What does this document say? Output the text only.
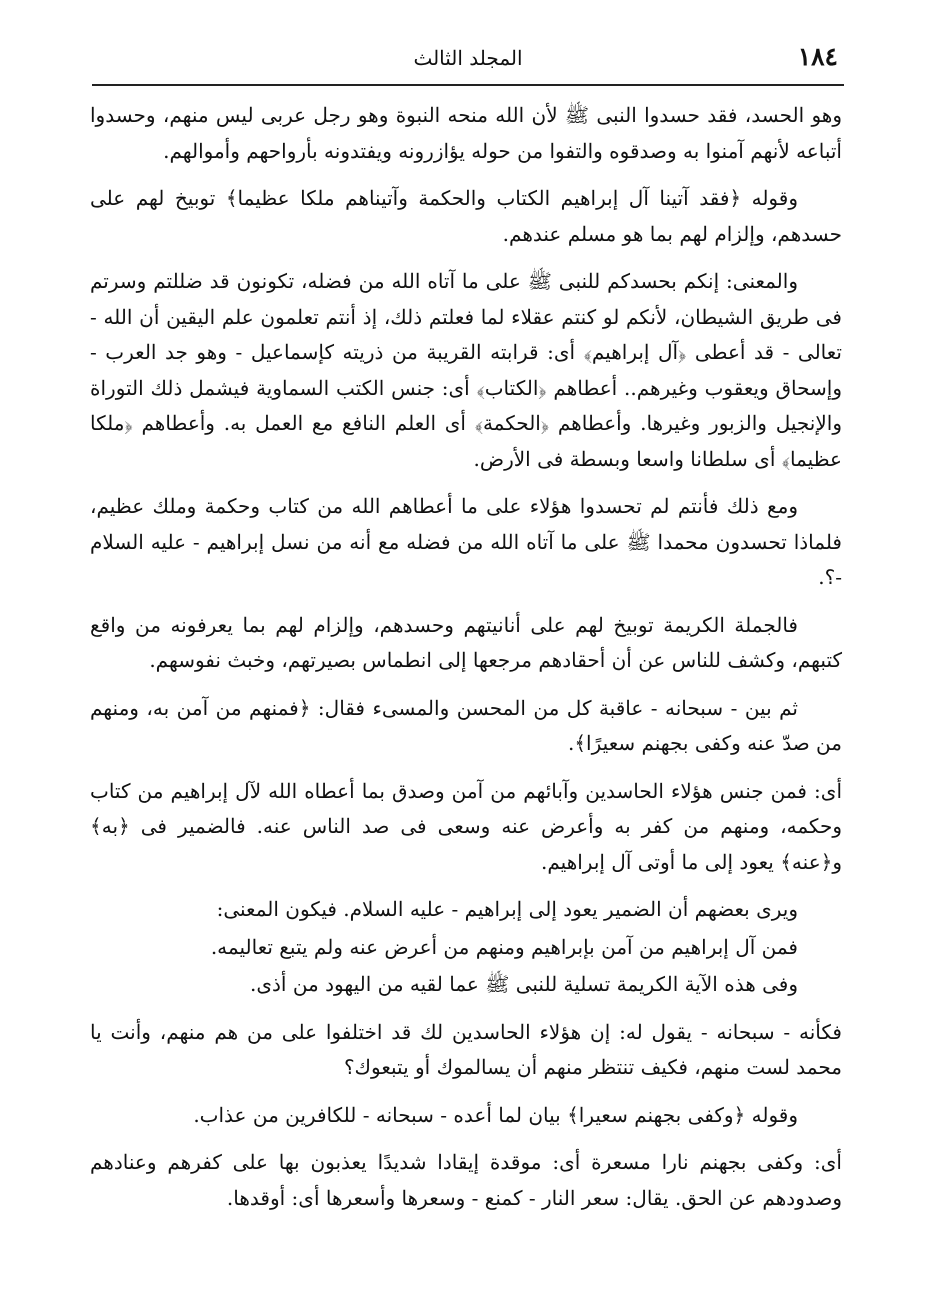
١٨٤
المجلد الثالث

وهو الحسد، فقد حسدوا النبى ﷺ لأن الله منحه النبوة وهو رجل عربى ليس منهم، وحسدوا أتباعه لأنهم آمنوا به وصدقوه والتفوا من حوله يؤازرونه ويفتدونه بأرواحهم وأموالهم.

وقوله ﴿فقد آتينا آل إبراهيم الكتاب والحكمة وآتيناهم ملكا عظيما﴾ توبيخ لهم على حسدهم، وإلزام لهم بما هو مسلم عندهم.

والمعنى: إنكم بحسدكم للنبى ﷺ على ما آتاه الله من فضله، تكونون قد ضللتم وسرتم فى طريق الشيطان، لأنكم لو كنتم عقلاء لما فعلتم ذلك، إذ أنتم تعلمون علم اليقين أن الله - تعالى - قد أعطى ﴿آل إبراهيم﴾ أى: قرابته القريبة من ذريته كإسماعيل - وهو جد العرب - وإسحاق ويعقوب وغيرهم.. أعطاهم ﴿الكتاب﴾ أى: جنس الكتب السماوية فيشمل ذلك التوراة والإنجيل والزبور وغيرها. وأعطاهم ﴿الحكمة﴾ أى العلم النافع مع العمل به. وأعطاهم ﴿ملكا عظيما﴾ أى سلطانا واسعا وبسطة فى الأرض.

ومع ذلك فأنتم لم تحسدوا هؤلاء على ما أعطاهم الله من كتاب وحكمة وملك عظيم، فلماذا تحسدون محمدا ﷺ على ما آتاه الله من فضله مع أنه من نسل إبراهيم - عليه السلام -؟.

فالجملة الكريمة توبيخ لهم على أنانيتهم وحسدهم، وإلزام لهم بما يعرفونه من واقع كتبهم، وكشف للناس عن أن أحقادهم مرجعها إلى انطماس بصيرتهم، وخبث نفوسهم.

ثم بين - سبحانه - عاقبة كل من المحسن والمسىء فقال: ﴿فمنهم من آمن به، ومنهم من صدّ عنه وكفى بجهنم سعيرًا﴾.

أى: فمن جنس هؤلاء الحاسدين وآبائهم من آمن وصدق بما أعطاه الله لآل إبراهيم من كتاب وحكمه، ومنهم من كفر به وأعرض عنه وسعى فى صد الناس عنه. فالضمير فى ﴿به﴾ و﴿عنه﴾ يعود إلى ما أوتى آل إبراهيم.

ويرى بعضهم أن الضمير يعود إلى إبراهيم - عليه السلام. فيكون المعنى:

فمن آل إبراهيم من آمن بإبراهيم ومنهم من أعرض عنه ولم يتبع تعاليمه.

وفى هذه الآية الكريمة تسلية للنبى ﷺ عما لقيه من اليهود من أذى.

فكأنه - سبحانه - يقول له: إن هؤلاء الحاسدين لك قد اختلفوا على من هم منهم، وأنت يا محمد لست منهم، فكيف تنتظر منهم أن يسالموك أو يتبعوك؟

وقوله ﴿وكفى بجهنم سعيرا﴾ بيان لما أعده - سبحانه - للكافرين من عذاب.

أى: وكفى بجهنم نارا مسعرة أى: موقدة إيقادا شديدًا يعذبون بها على كفرهم وعنادهم وصدودهم عن الحق. يقال: سعر النار - كمنع - وسعرها وأسعرها أى: أوقدها.
